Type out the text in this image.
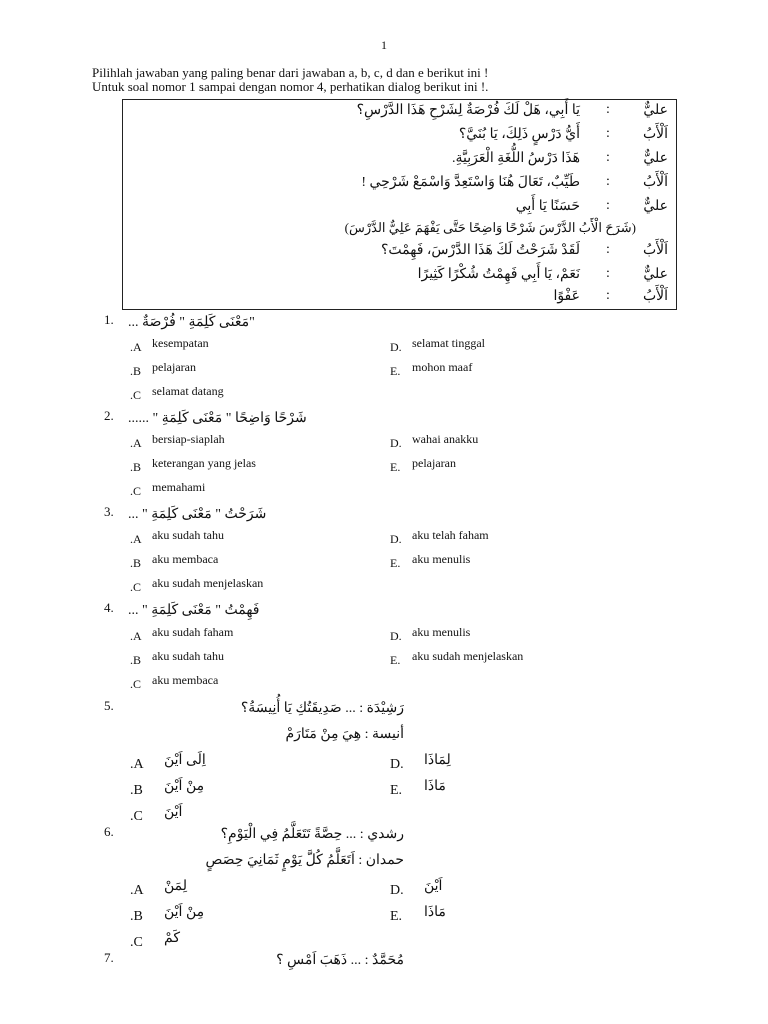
1
Pilihlah jawaban yang paling benar dari jawaban a, b, c, d dan e berikut ini !
Untuk soal nomor 1 sampai dengan nomor 4, perhatikan dialog berikut ini !.
عليٌّ
:
يَا أَبِي، هَلْ لَكَ فُرْصَةٌ لِشَرْحِ هَذَا الدَّرْسِ؟
اَلْأَبُ
:
أَيُّ دَرْسٍ ذَلِكَ، يَا بُنَيَّ؟
عليٌّ
:
هَذَا دَرْسُ اللُّغَةِ الْعَرَبِيَّةِ.
اَلْأَبُ
:
طَيِّبٌ، تَعَالَ هُنَا وَاسْتَعِدَّ وَاسْمَعْ شَرْحِي !
عليٌّ
:
حَسَنًا يَا أَبِي
(شَرَحَ الْأَبُ الدَّرْسَ شَرْحًا وَاضِحًا حَتَّى يَفْهَمَ عَلِيٌّ الدَّرْسَ)
اَلْأَبُ
:
لَقَدْ شَرَحْتُ لَكَ هَذَا الدَّرْسَ، فَهِمْتَ؟
عليٌّ
:
نَعَمْ، يَا أَبِي فَهِمْتُ شُكْرًا كَثِيرًا
اَلْأَبُ
:
عَفْوًا
1. "مَعْنَى كَلِمَةِ " فُرْصَةٌ ...
.A kesempatan	D. selamat tinggal
.B pelajaran	E. mohon maaf
.C selamat datang
2. شَرْحًا وَاضِحًا " مَعْنَى كَلِمَةِ " ......
.A bersiap-siaplah	D. wahai anakku
.B keterangan yang jelas	E. pelajaran
.C memahami
3. شَرَحْتُ " مَعْنَى كَلِمَةِ " ...
.A aku sudah tahu	D. aku telah faham
.B aku membaca	E. aku menulis
.C aku sudah menjelaskan
4. فَهِمْتُ " مَعْنَى كَلِمَةِ " ...
.A aku sudah faham	D. aku menulis
.B aku sudah tahu	E. aku sudah menjelaskan
.C aku membaca
5.	رَشِيْدَة : ... صَدِيقَتُكِ يَا أُنِيسَةُ؟
أنيسة : هِيَ مِنْ مَتَارَمْ
.A اِلَى اَيْنَ	D. لِمَاذَا
.B مِنْ اَيْنَ	E. مَاذَا
.C اَيْنَ
6.	رشدي : ... حِصَّةً تَتَعَلَّمُ فِي الْيَوْمِ؟
حمدان : اَتَعَلَّمُ كُلَّ يَوْمٍ ثَمَانِيَ حِصَصٍ
.A لِمَنْ	D. اَيْنَ
.B مِنْ اَيْنَ	E. مَاذَا
.C كَمْ
7.	مُحَمَّدٌ : ... ذَهَبَ اَمْسِ ؟
